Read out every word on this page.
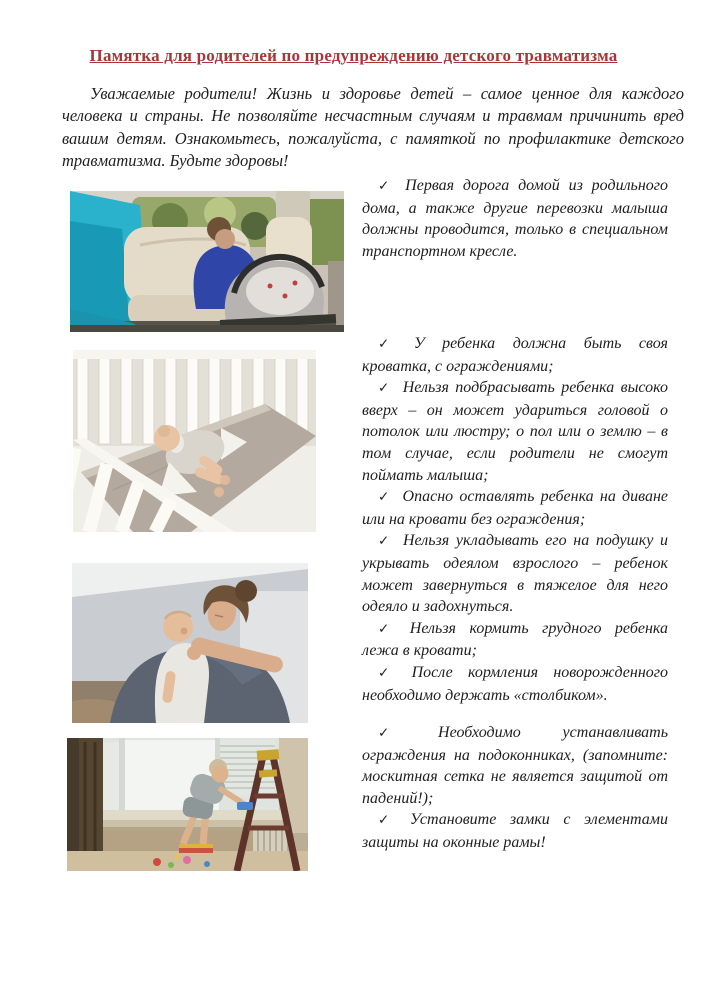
Памятка для родителей по предупреждению детского травматизма

Уважаемые родители! Жизнь и здоровье детей – самое ценное для каждого человека и страны. Не позволяйте несчастным случаям и травмам причинить вред вашим детям. Ознакомьтесь, пожалуйста, с памяткой по профилактике детского травматизма. Будьте здоровы!

✓ Первая дорога домой из родильного дома, а также другие перевозки малыша должны проводится, только в специальном транспортном кресле.

✓ У ребенка должна быть своя кроватка, с ограждениями;

✓ Нельзя подбрасывать ребенка высоко вверх – он может удариться головой о потолок или люстру; о пол или о землю – в том случае, если родители не смогут поймать малыша;

✓ Опасно оставлять ребенка на диване или на кровати без ограждения;

✓ Нельзя укладывать его на подушку и укрывать одеялом взрослого – ребенок может завернуться в тяжелое для него одеяло и задохнуться.

✓ Нельзя кормить грудного ребенка лежа в кровати;

✓ После кормления новорожденного необходимо держать «столбиком».

✓ Необходимо устанавливать ограждения на подоконниках, (запомните: москитная сетка не является защитой от падений!);

✓ Установите замки с элементами защиты на оконные рамы!
